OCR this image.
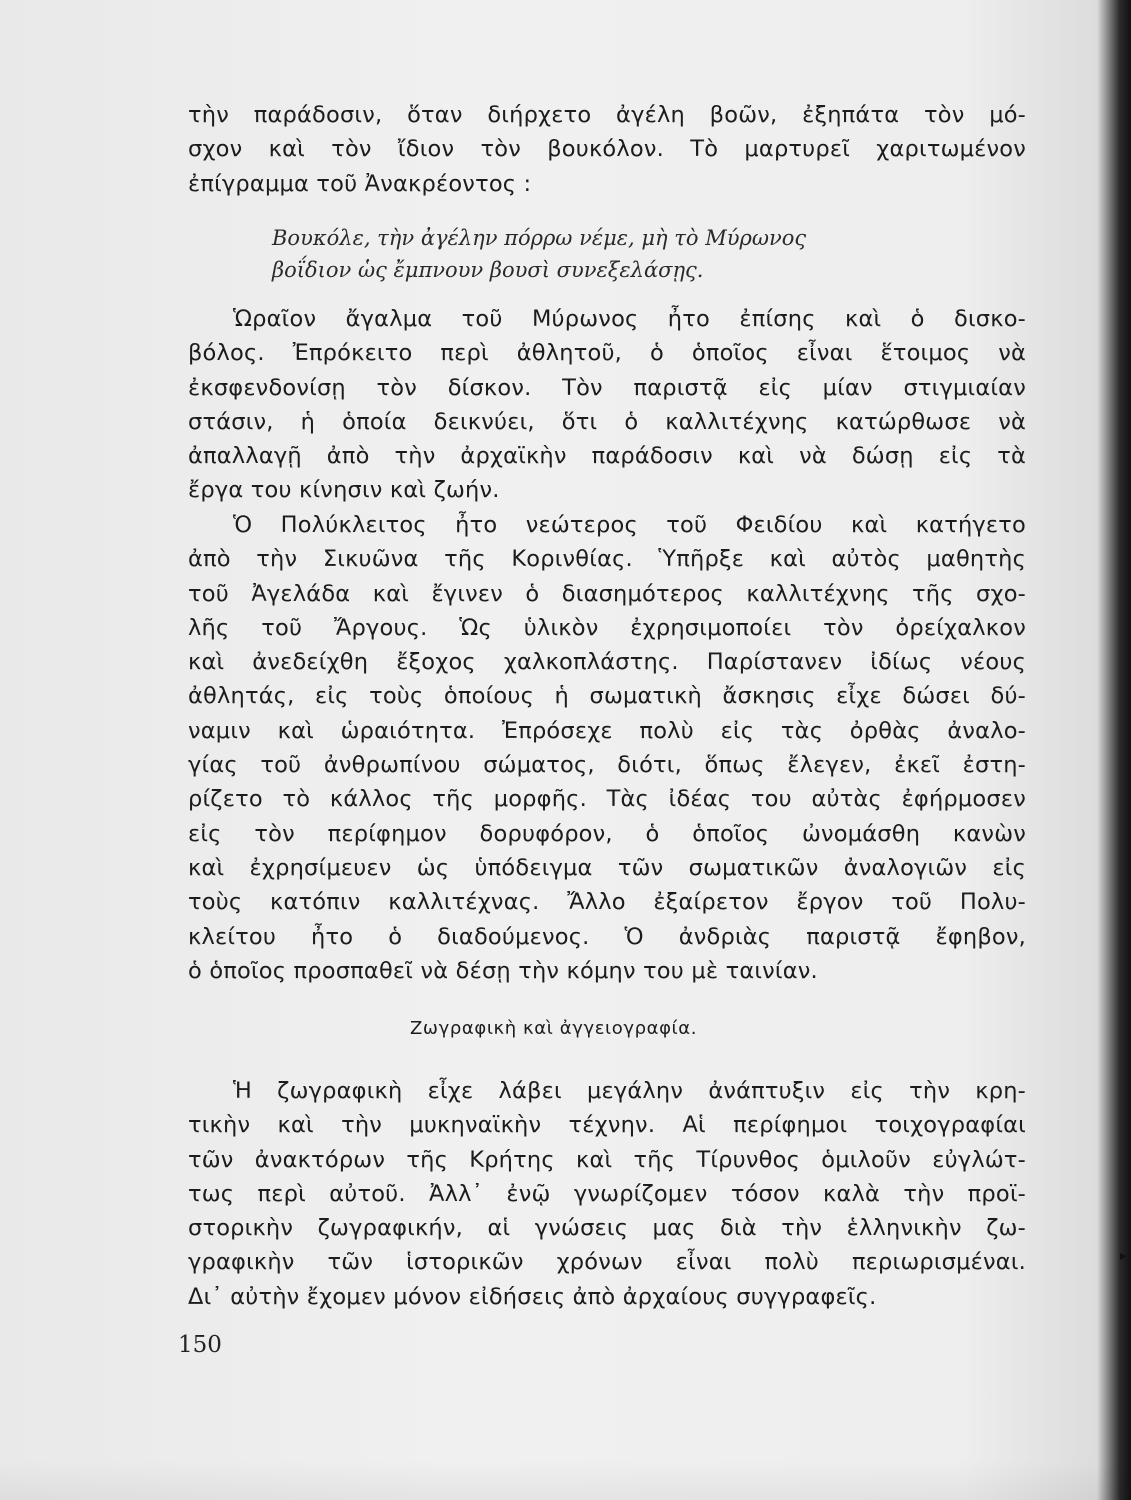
τὴν παράδοσιν, ὅταν διήρχετο ἀγέλη βοῶν, ἐξηπάτα τὸν μό-
σχον καὶ τὸν ἴδιον τὸν βουκόλον. Τὸ μαρτυρεῖ χαριτωμένον
ἐπίγραμμα τοῦ Ἀνακρέοντος :
Βουκόλε, τὴν ἀγέλην πόρρω νέμε, μὴ τὸ Μύρωνος
βοΐδιον ὡς ἔμπνουν βουσὶ συνεξελάσῃς.
Ὡραῖον ἄγαλμα τοῦ Μύρωνος ἦτο ἐπίσης καὶ ὁ δισκο-
βόλος. Ἐπρόκειτο περὶ ἀθλητοῦ, ὁ ὁποῖος εἶναι ἕτοιμος νὰ
ἐκσφενδονίσῃ τὸν δίσκον. Τὸν παριστᾷ εἰς μίαν στιγμιαίαν
στάσιν, ἡ ὁποία δεικνύει, ὅτι ὁ καλλιτέχνης κατώρθωσε νὰ
ἀπαλλαγῇ ἀπὸ τὴν ἀρχαϊκὴν παράδοσιν καὶ νὰ δώσῃ εἰς τὰ
ἔργα του κίνησιν καὶ ζωήν.
Ὁ Πολύκλειτος ἦτο νεώτερος τοῦ Φειδίου καὶ κατήγετο
ἀπὸ τὴν Σικυῶνα τῆς Κορινθίας. Ὑπῆρξε καὶ αὐτὸς μαθητὴς
τοῦ Ἀγελάδα καὶ ἔγινεν ὁ διασημότερος καλλιτέχνης τῆς σχο-
λῆς τοῦ Ἄργους. Ὡς ὑλικὸν ἐχρησιμοποίει τὸν ὀρείχαλκον
καὶ ἀνεδείχθη ἔξοχος χαλκοπλάστης. Παρίστανεν ἰδίως νέους
ἀθλητάς, εἰς τοὺς ὁποίους ἡ σωματικὴ ἄσκησις εἶχε δώσει δύ-
ναμιν καὶ ὡραιότητα. Ἐπρόσεχε πολὺ εἰς τὰς ὀρθὰς ἀναλο-
γίας τοῦ ἀνθρωπίνου σώματος, διότι, ὅπως ἔλεγεν, ἐκεῖ ἐστη-
ρίζετο τὸ κάλλος τῆς μορφῆς. Τὰς ἰδέας του αὐτὰς ἐφήρμοσεν
εἰς τὸν περίφημον δορυφόρον, ὁ ὁποῖος ὠνομάσθη κανὼν
καὶ ἐχρησίμευεν ὡς ὑπόδειγμα τῶν σωματικῶν ἀναλογιῶν εἰς
τοὺς κατόπιν καλλιτέχνας. Ἄλλο ἐξαίρετον ἔργον τοῦ Πολυ-
κλείτου ἦτο ὁ διαδούμενος. Ὁ ἀνδριὰς παριστᾷ ἔφηβον,
ὁ ὁποῖος προσπαθεῖ νὰ δέσῃ τὴν κόμην του μὲ ταινίαν.
Ζωγραφικὴ καὶ ἀγγειογραφία.
Ἡ ζωγραφικὴ εἶχε λάβει μεγάλην ἀνάπτυξιν εἰς τὴν κρη-
τικὴν καὶ τὴν μυκηναϊκὴν τέχνην. Αἱ περίφημοι τοιχογραφίαι
τῶν ἀνακτόρων τῆς Κρήτης καὶ τῆς Τίρυνθος ὁμιλοῦν εὐγλώτ-
τως περὶ αὐτοῦ. Ἀλλ᾽ ἐνῷ γνωρίζομεν τόσον καλὰ τὴν προϊ-
στορικὴν ζωγραφικήν, αἱ γνώσεις μας διὰ τὴν ἑλληνικὴν ζω-
γραφικὴν τῶν ἱστορικῶν χρόνων εἶναι πολὺ περιωρισμέναι.
Δι᾽ αὐτὴν ἔχομεν μόνον εἰδήσεις ἀπὸ ἀρχαίους συγγραφεῖς.
150
▸
